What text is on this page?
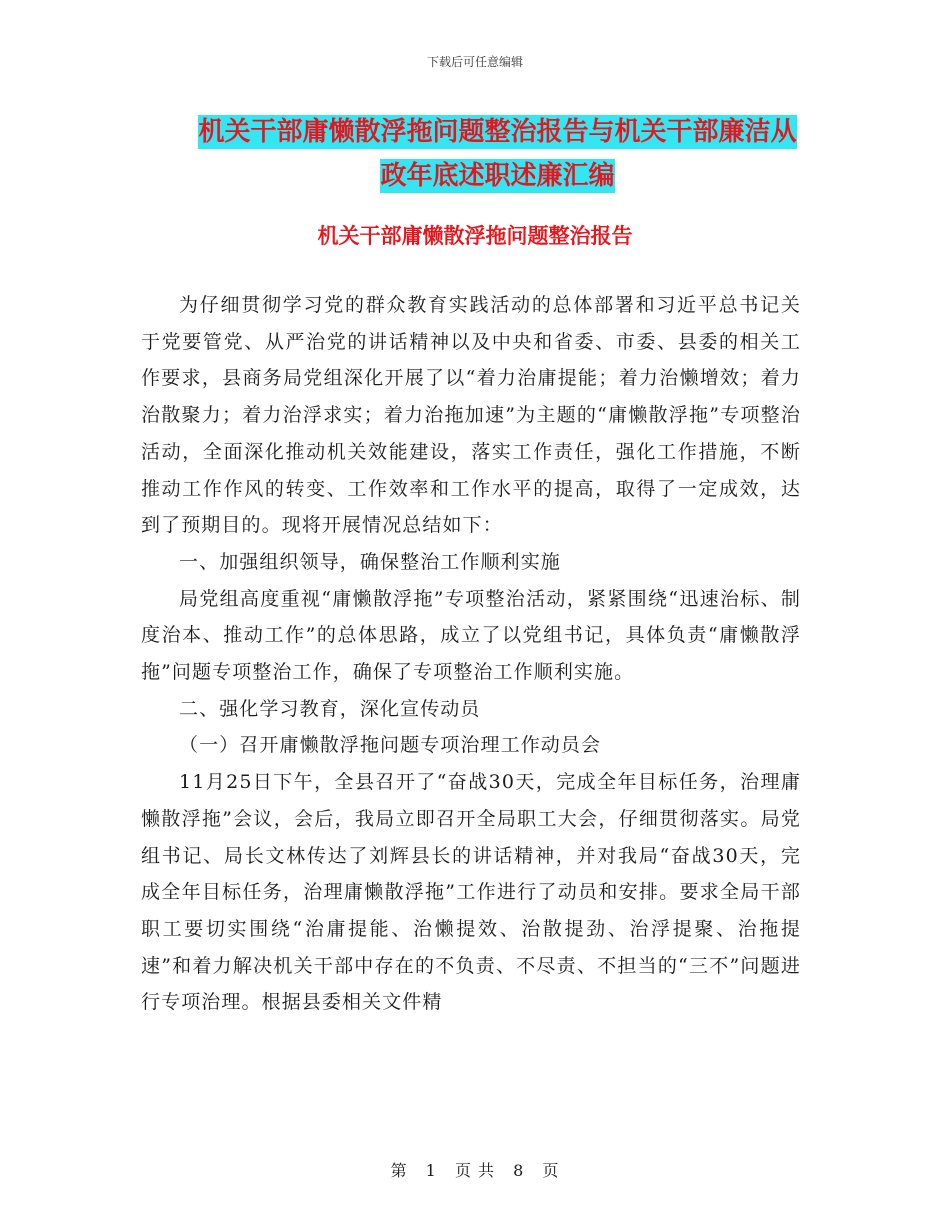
下载后可任意编辑
机关干部庸懒散浮拖问题整治报告与机关干部廉洁从
政年底述职述廉汇编
机关干部庸懒散浮拖问题整治报告

为仔细贯彻学习党的群众教育实践活动的总体部署和习近平总书记关于党要管党、从严治党的讲话精神以及中央和省委、市委、县委的相关工作要求，县商务局党组深化开展了以“着力治庸提能；着力治懒增效；着力治散聚力；着力治浮求实；着力治拖加速”为主题的“庸懒散浮拖”专项整治活动，全面深化推动机关效能建设，落实工作责任，强化工作措施，不断推动工作作风的转变、工作效率和工作水平的提高，取得了一定成效，达到了预期目的。现将开展情况总结如下：

一、加强组织领导，确保整治工作顺利实施

局党组高度重视“庸懒散浮拖”专项整治活动，紧紧围绕“迅速治标、制度治本、推动工作”的总体思路，成立了以党组书记，具体负责“庸懒散浮拖”问题专项整治工作，确保了专项整治工作顺利实施。

二、强化学习教育，深化宣传动员

（一）召开庸懒散浮拖问题专项治理工作动员会

11月25日下午，全县召开了“奋战30天，完成全年目标任务，治理庸懒散浮拖”会议，会后，我局立即召开全局职工大会，仔细贯彻落实。局党组书记、局长文林传达了刘辉县长的讲话精神，并对我局“奋战30天，完成全年目标任务，治理庸懒散浮拖”工作进行了动员和安排。要求全局干部职工要切实围绕“治庸提能、治懒提效、治散提劲、治浮提聚、治拖提速”和着力解决机关干部中存在的不负责、不尽责、不担当的“三不”问题进行专项治理。根据县委相关文件精

第 1 页 共 8 页
